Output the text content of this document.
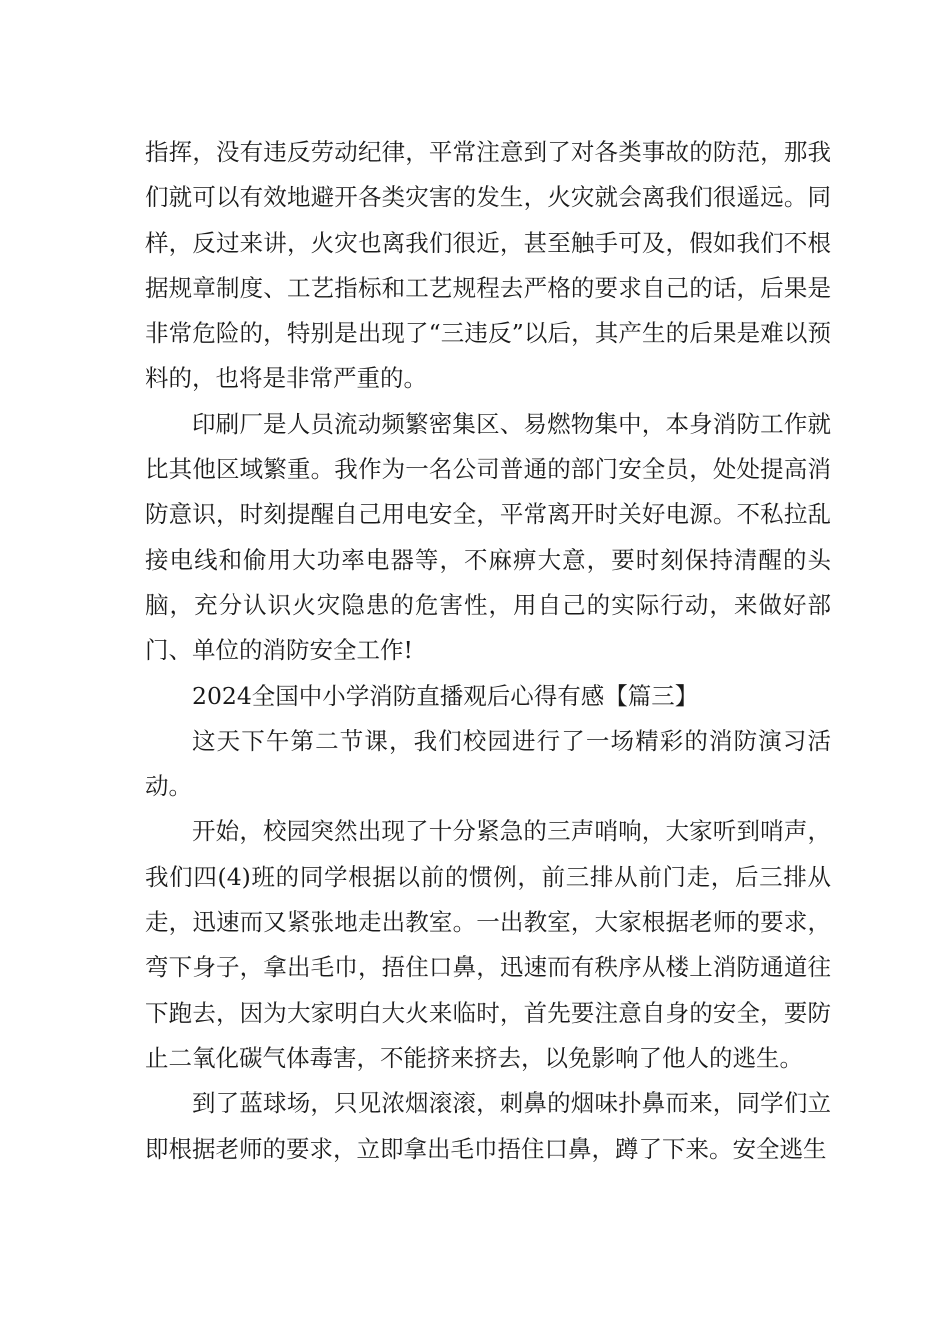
指挥，没有违反劳动纪律，平常注意到了对各类事故的防范，那我们就可以有效地避开各类灾害的发生，火灾就会离我们很遥远。同样，反过来讲，火灾也离我们很近，甚至触手可及，假如我们不根据规章制度、工艺指标和工艺规程去严格的要求自己的话，后果是非常危险的，特别是出现了“三违反”以后，其产生的后果是难以预料的，也将是非常严重的。

印刷厂是人员流动频繁密集区、易燃物集中，本身消防工作就比其他区域繁重。我作为一名公司普通的部门安全员，处处提高消防意识，时刻提醒自己用电安全，平常离开时关好电源。不私拉乱接电线和偷用大功率电器等，不麻痹大意，要时刻保持清醒的头脑，充分认识火灾隐患的危害性，用自己的实际行动，来做好部门、单位的消防安全工作!

2024全国中小学消防直播观后心得有感【篇三】

这天下午第二节课，我们校园进行了一场精彩的消防演习活动。

开始，校园突然出现了十分紧急的三声哨响，大家听到哨声，我们四(4)班的同学根据以前的惯例，前三排从前门走，后三排从走，迅速而又紧张地走出教室。一出教室，大家根据老师的要求，弯下身子，拿出毛巾，捂住口鼻，迅速而有秩序从楼上消防通道往下跑去，因为大家明白大火来临时，首先要注意自身的安全，要防止二氧化碳气体毒害，不能挤来挤去，以免影响了他人的逃生。

到了蓝球场，只见浓烟滚滚，刺鼻的烟味扑鼻而来，同学们立即根据老师的要求，立即拿出毛巾捂住口鼻，蹲了下来。安全逃生
